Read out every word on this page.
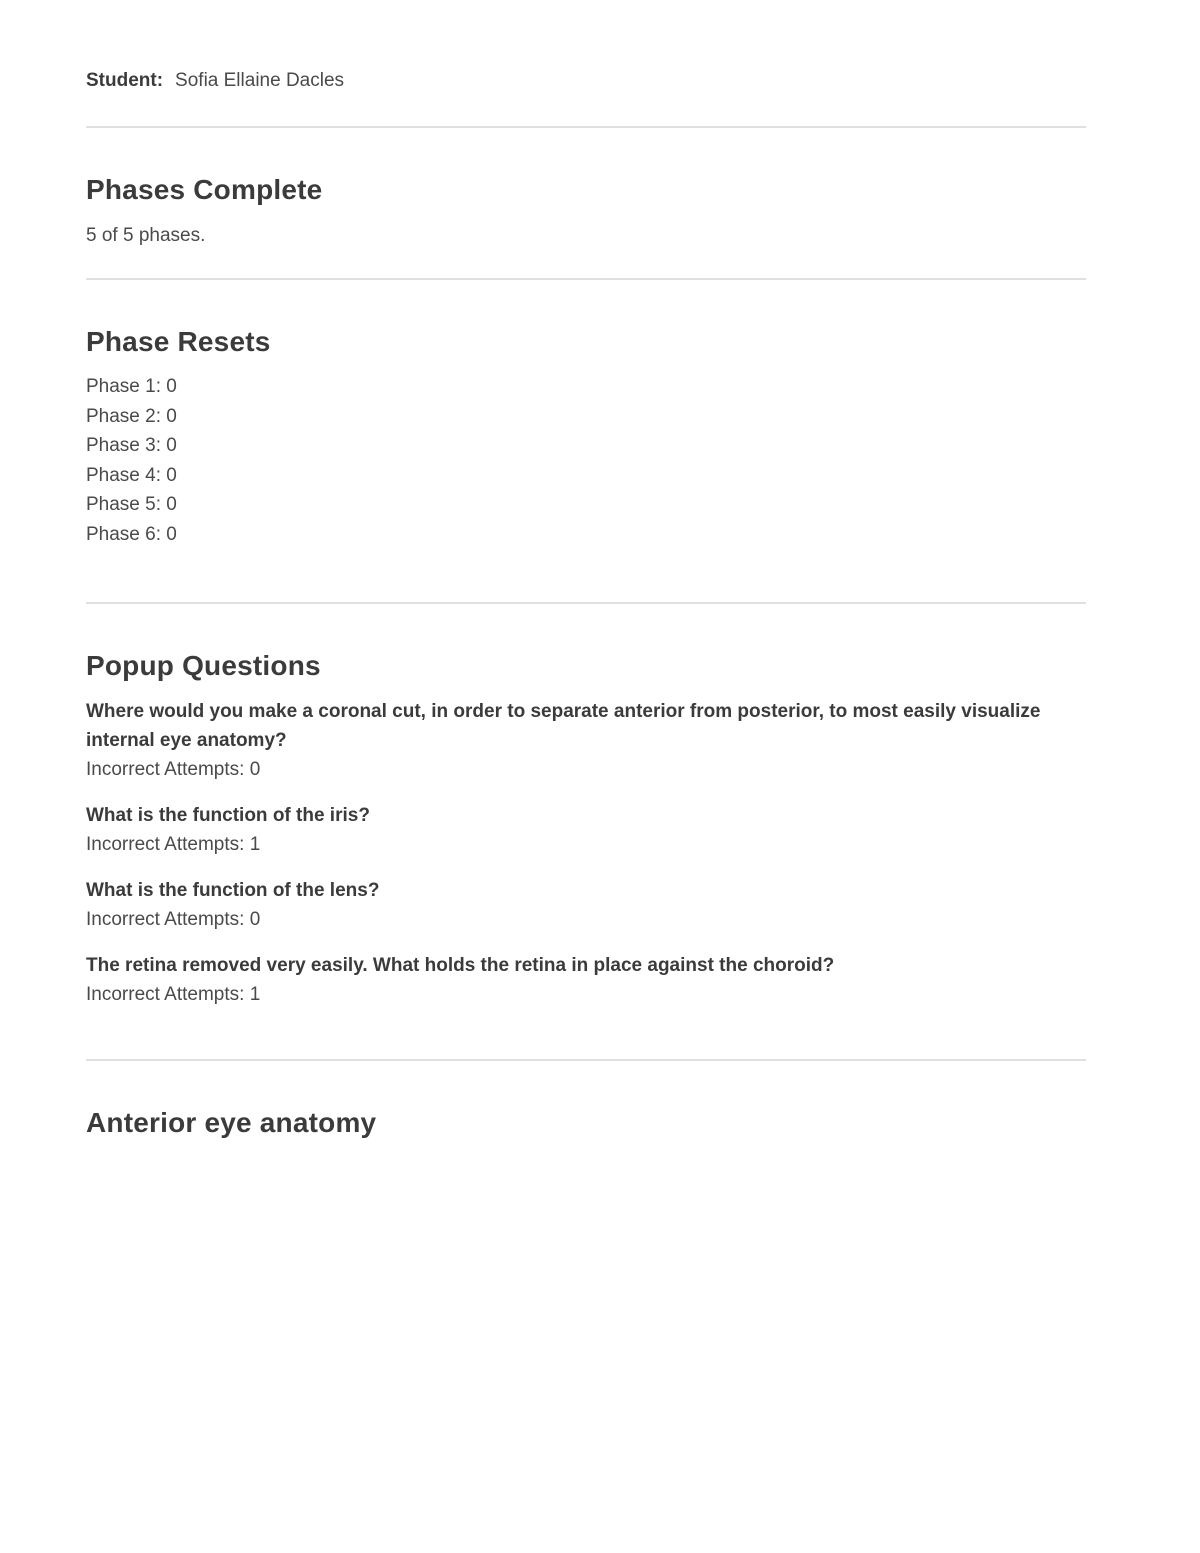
Student: Sofia Ellaine Dacles
Phases Complete

5 of 5 phases.

Phase Resets
Phase 1: 0
Phase 2: 0
Phase 3: 0
Phase 4: 0
Phase 5: 0
Phase 6: 0
Popup Questions

Where would you make a coronal cut, in order to separate anterior from posterior, to most easily visualize internal eye anatomy?

Incorrect Attempts: 0

What is the function of the iris?

Incorrect Attempts: 1

What is the function of the lens?

Incorrect Attempts: 0

The retina removed very easily. What holds the retina in place against the choroid?

Incorrect Attempts: 1

Anterior eye anatomy
